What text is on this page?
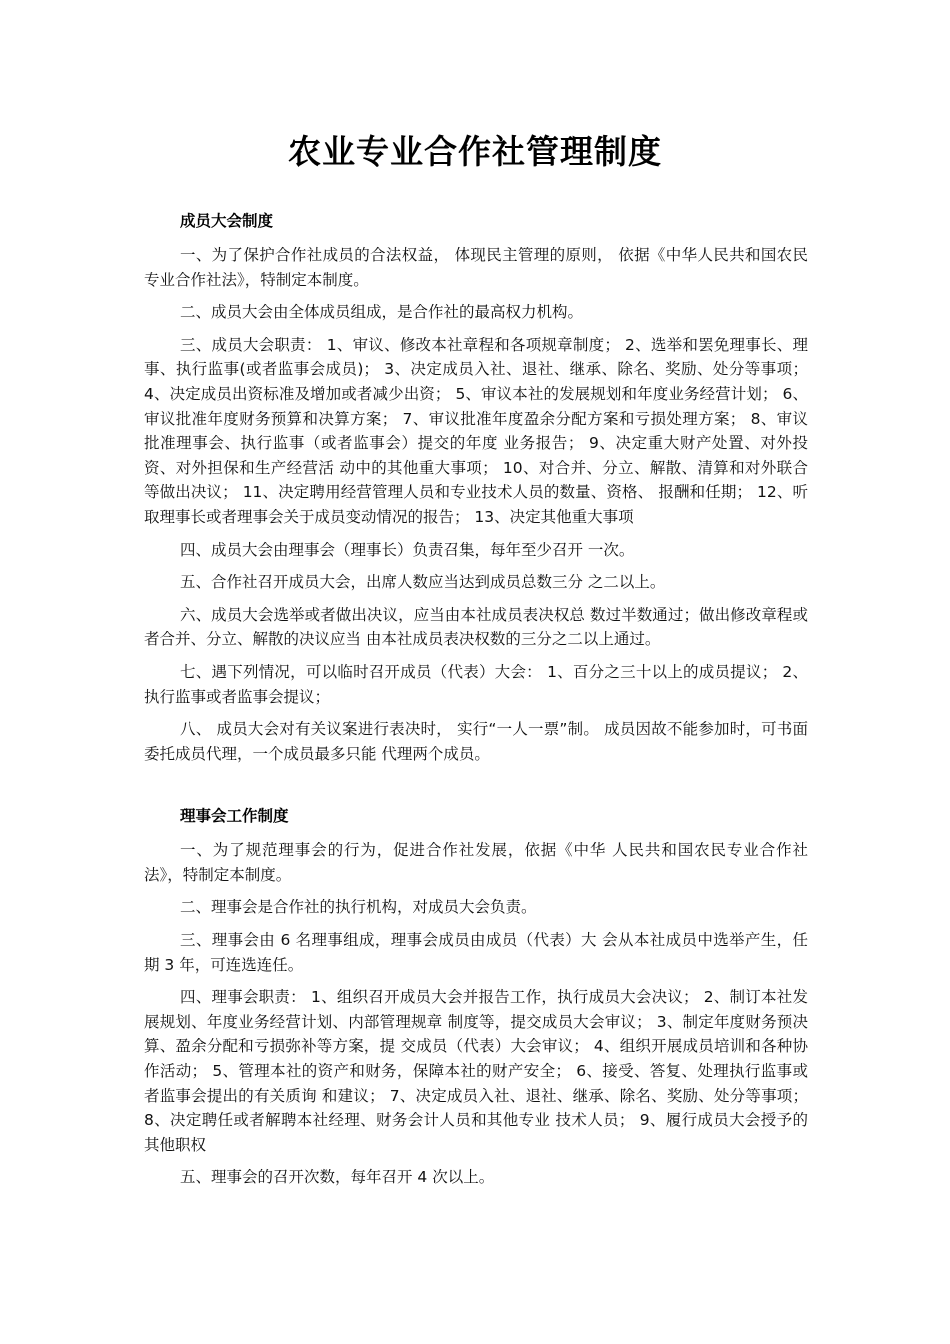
农业专业合作社管理制度
成员大会制度

一、为了保护合作社成员的合法权益， 体现民主管理的原则， 依据《中华人民共和国农民专业合作社法》，特制定本制度。

二、成员大会由全体成员组成，是合作社的最高权力机构。

三、成员大会职责： 1、审议、修改本社章程和各项规章制度； 2、选举和罢免理事长、理事、执行监事(或者监事会成员)； 3、决定成员入社、退社、继承、除名、奖励、处分等事项； 4、决定成员出资标准及增加或者减少出资； 5、审议本社的发展规划和年度业务经营计划； 6、审议批准年度财务预算和决算方案； 7、审议批准年度盈余分配方案和亏损处理方案； 8、审议批准理事会、执行监事（或者监事会）提交的年度 业务报告； 9、决定重大财产处置、对外投资、对外担保和生产经营活 动中的其他重大事项； 10、对合并、分立、解散、清算和对外联合等做出决议； 11、决定聘用经营管理人员和专业技术人员的数量、资格、 报酬和任期； 12、听取理事长或者理事会关于成员变动情况的报告； 13、决定其他重大事项

四、成员大会由理事会（理事长）负责召集，每年至少召开 一次。

五、合作社召开成员大会，出席人数应当达到成员总数三分 之二以上。

六、成员大会选举或者做出决议，应当由本社成员表决权总 数过半数通过；做出修改章程或者合并、分立、解散的决议应当 由本社成员表决权数的三分之二以上通过。

七、遇下列情况，可以临时召开成员（代表）大会： 1、百分之三十以上的成员提议； 2、执行监事或者监事会提议；

八、 成员大会对有关议案进行表决时， 实行“一人一票”制。 成员因故不能参加时，可书面委托成员代理，一个成员最多只能 代理两个成员。

理事会工作制度

一、为了规范理事会的行为，促进合作社发展，依据《中华 人民共和国农民专业合作社法》，特制定本制度。

二、理事会是合作社的执行机构，对成员大会负责。

三、理事会由 6 名理事组成，理事会成员由成员（代表）大 会从本社成员中选举产生，任期 3 年，可连选连任。

四、理事会职责： 1、组织召开成员大会并报告工作，执行成员大会决议； 2、制订本社发展规划、年度业务经营计划、内部管理规章 制度等，提交成员大会审议； 3、制定年度财务预决算、盈余分配和亏损弥补等方案，提 交成员（代表）大会审议； 4、组织开展成员培训和各种协作活动； 5、管理本社的资产和财务，保障本社的财产安全； 6、接受、答复、处理执行监事或者监事会提出的有关质询 和建议； 7、决定成员入社、退社、继承、除名、奖励、处分等事项； 8、决定聘任或者解聘本社经理、财务会计人员和其他专业 技术人员； 9、履行成员大会授予的其他职权

五、理事会的召开次数，每年召开 4 次以上。
